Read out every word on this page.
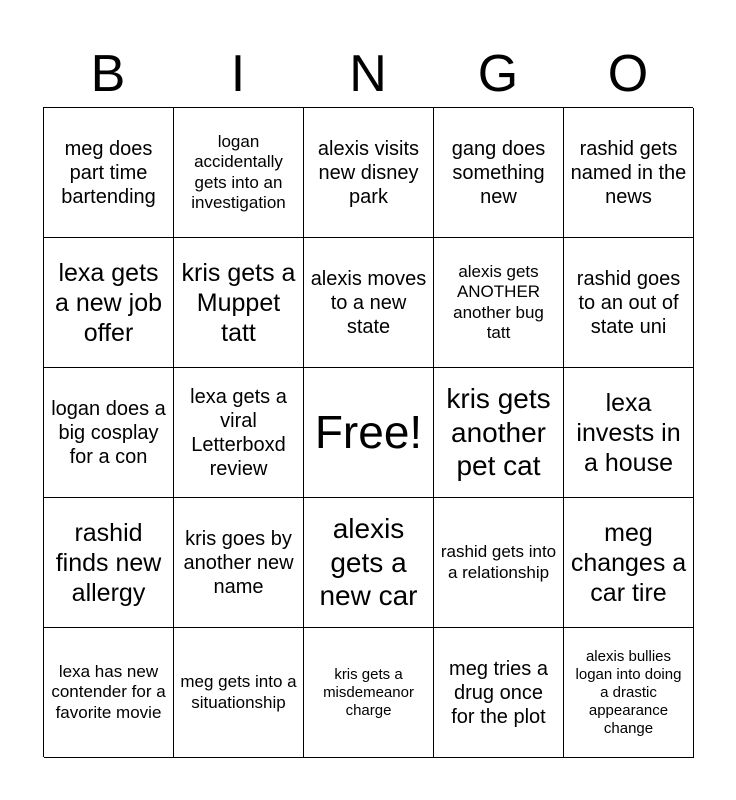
B	I	N	G	O
meg does part time bartending
logan accidentally gets into an investigation
alexis visits new disney park
gang does something new
rashid gets named in the news
lexa gets a new job offer
kris gets a Muppet tatt
alexis moves to a new state
alexis gets ANOTHER another bug tatt
rashid goes to an out of state uni
logan does a big cosplay for a con
lexa gets a viral Letterboxd review
Free!
kris gets another pet cat
lexa invests in a house
rashid finds new allergy
kris goes by another new name
alexis gets a new car
rashid gets into a relationship
meg changes a car tire
lexa has new contender for a favorite movie
meg gets into a situationship
kris gets a misdemeanor charge
meg tries a drug once for the plot
alexis bullies logan into doing a drastic appearance change
